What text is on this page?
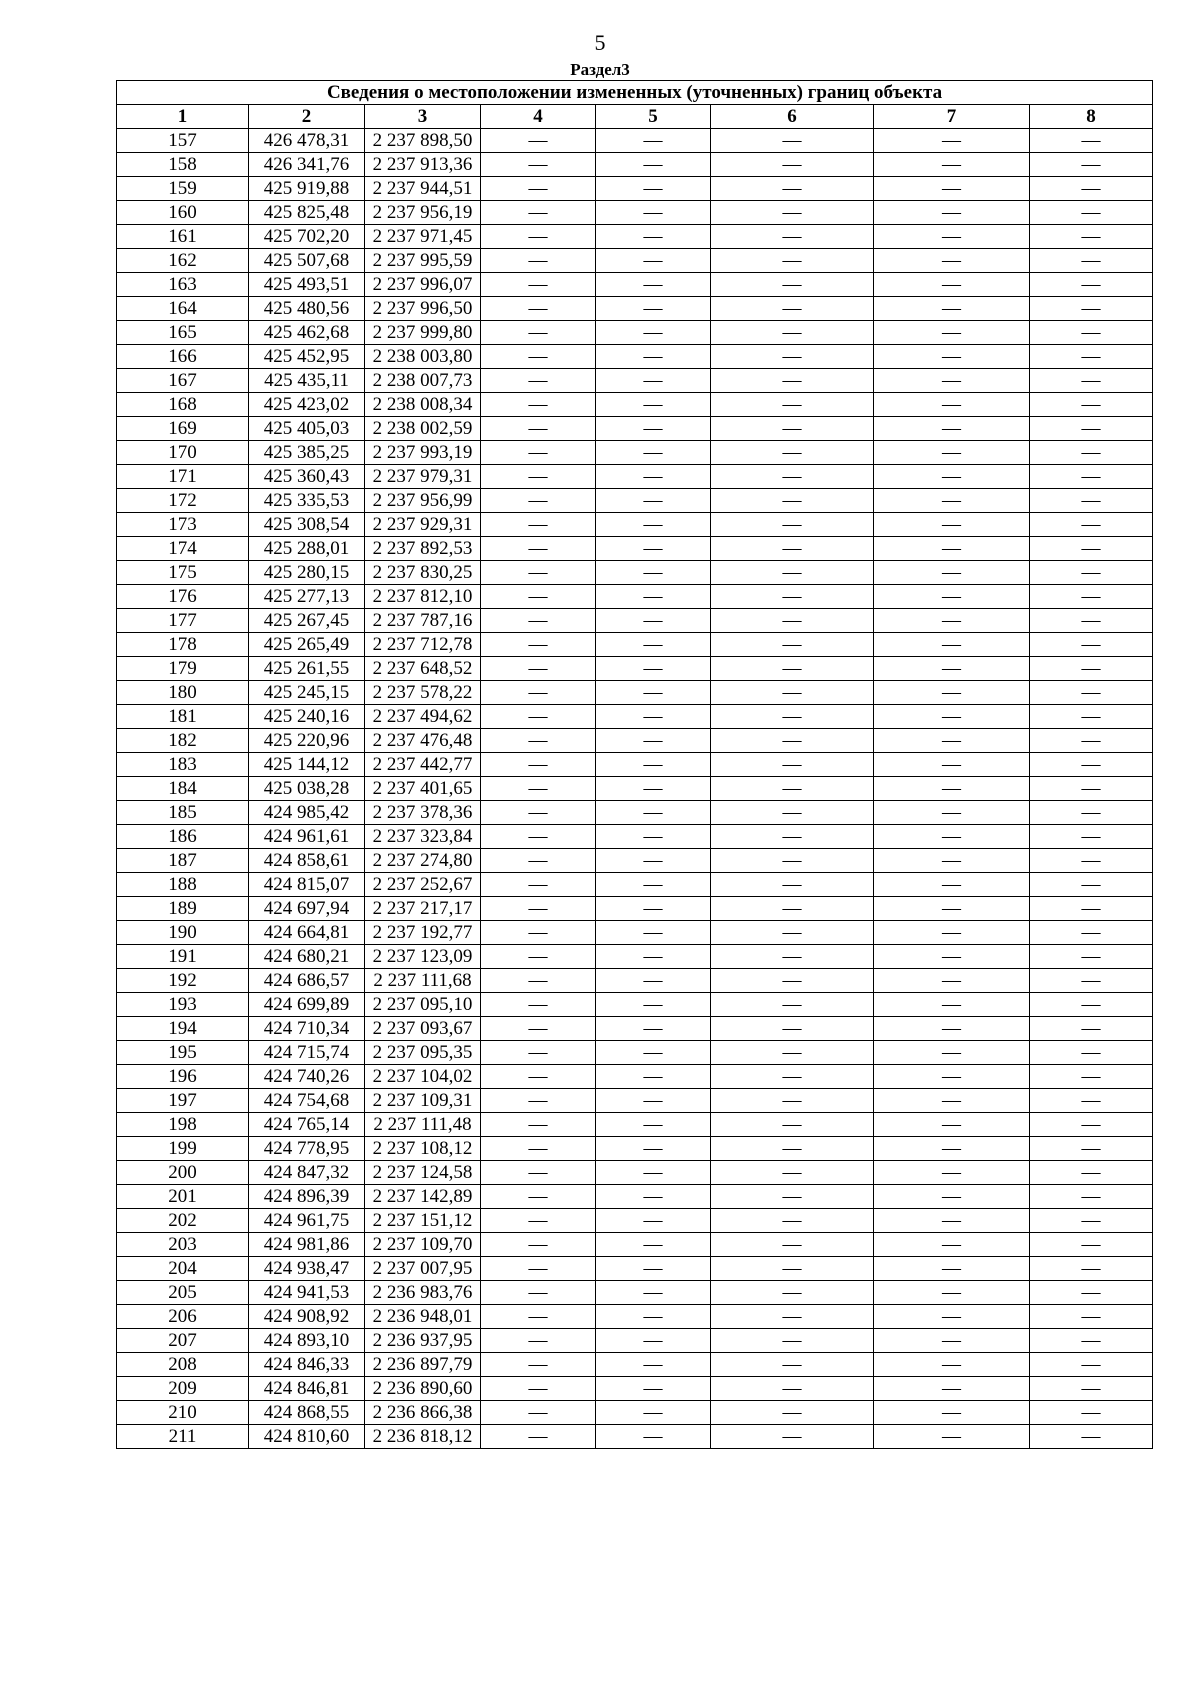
5
Раздел3
Сведения о местоположении измененных (уточненных) границ объекта							
1	2	3	4	5	6	7	8
157	426 478,31	2 237 898,50	—	—	—	—	—
158	426 341,76	2 237 913,36	—	—	—	—	—
159	425 919,88	2 237 944,51	—	—	—	—	—
160	425 825,48	2 237 956,19	—	—	—	—	—
161	425 702,20	2 237 971,45	—	—	—	—	—
162	425 507,68	2 237 995,59	—	—	—	—	—
163	425 493,51	2 237 996,07	—	—	—	—	—
164	425 480,56	2 237 996,50	—	—	—	—	—
165	425 462,68	2 237 999,80	—	—	—	—	—
166	425 452,95	2 238 003,80	—	—	—	—	—
167	425 435,11	2 238 007,73	—	—	—	—	—
168	425 423,02	2 238 008,34	—	—	—	—	—
169	425 405,03	2 238 002,59	—	—	—	—	—
170	425 385,25	2 237 993,19	—	—	—	—	—
171	425 360,43	2 237 979,31	—	—	—	—	—
172	425 335,53	2 237 956,99	—	—	—	—	—
173	425 308,54	2 237 929,31	—	—	—	—	—
174	425 288,01	2 237 892,53	—	—	—	—	—
175	425 280,15	2 237 830,25	—	—	—	—	—
176	425 277,13	2 237 812,10	—	—	—	—	—
177	425 267,45	2 237 787,16	—	—	—	—	—
178	425 265,49	2 237 712,78	—	—	—	—	—
179	425 261,55	2 237 648,52	—	—	—	—	—
180	425 245,15	2 237 578,22	—	—	—	—	—
181	425 240,16	2 237 494,62	—	—	—	—	—
182	425 220,96	2 237 476,48	—	—	—	—	—
183	425 144,12	2 237 442,77	—	—	—	—	—
184	425 038,28	2 237 401,65	—	—	—	—	—
185	424 985,42	2 237 378,36	—	—	—	—	—
186	424 961,61	2 237 323,84	—	—	—	—	—
187	424 858,61	2 237 274,80	—	—	—	—	—
188	424 815,07	2 237 252,67	—	—	—	—	—
189	424 697,94	2 237 217,17	—	—	—	—	—
190	424 664,81	2 237 192,77	—	—	—	—	—
191	424 680,21	2 237 123,09	—	—	—	—	—
192	424 686,57	2 237 111,68	—	—	—	—	—
193	424 699,89	2 237 095,10	—	—	—	—	—
194	424 710,34	2 237 093,67	—	—	—	—	—
195	424 715,74	2 237 095,35	—	—	—	—	—
196	424 740,26	2 237 104,02	—	—	—	—	—
197	424 754,68	2 237 109,31	—	—	—	—	—
198	424 765,14	2 237 111,48	—	—	—	—	—
199	424 778,95	2 237 108,12	—	—	—	—	—
200	424 847,32	2 237 124,58	—	—	—	—	—
201	424 896,39	2 237 142,89	—	—	—	—	—
202	424 961,75	2 237 151,12	—	—	—	—	—
203	424 981,86	2 237 109,70	—	—	—	—	—
204	424 938,47	2 237 007,95	—	—	—	—	—
205	424 941,53	2 236 983,76	—	—	—	—	—
206	424 908,92	2 236 948,01	—	—	—	—	—
207	424 893,10	2 236 937,95	—	—	—	—	—
208	424 846,33	2 236 897,79	—	—	—	—	—
209	424 846,81	2 236 890,60	—	—	—	—	—
210	424 868,55	2 236 866,38	—	—	—	—	—
211	424 810,60	2 236 818,12	—	—	—	—	—
